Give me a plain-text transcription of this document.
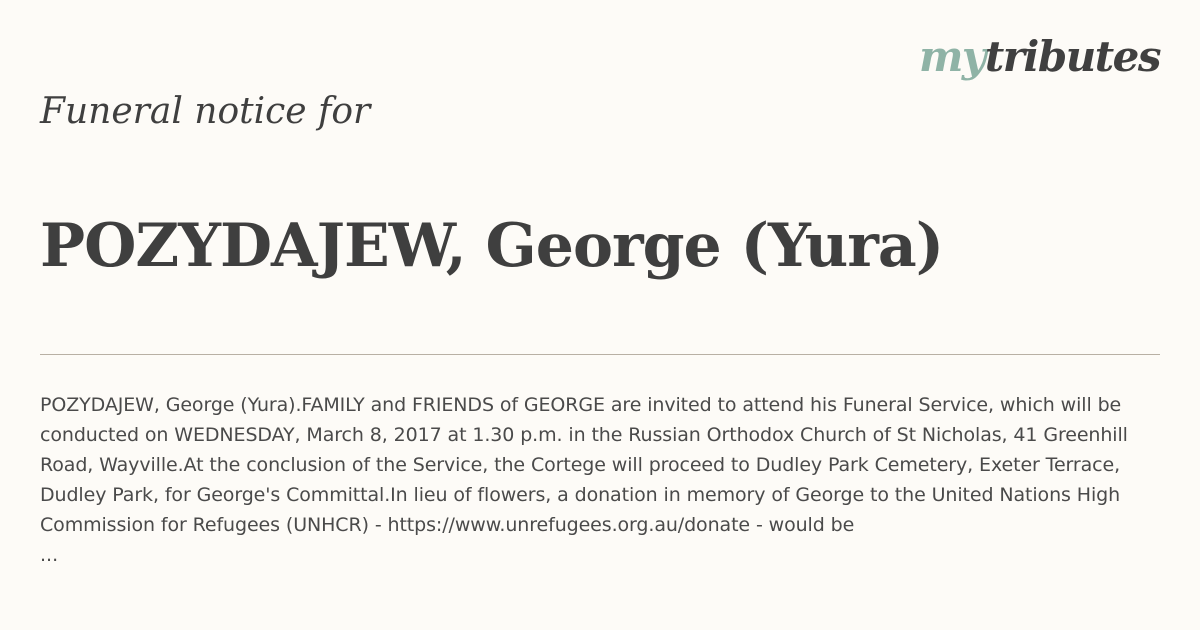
mytributes
Funeral notice for
POZYDAJEW, George (Yura)

POZYDAJEW, George (Yura).FAMILY and FRIENDS of GEORGE are invited to attend his Funeral Service, which will be conducted on WEDNESDAY, March 8, 2017 at 1.30 p.m. in the Russian Orthodox Church of St Nicholas, 41 Greenhill Road, Wayville.At the conclusion of the Service, the Cortege will proceed to Dudley Park Cemetery, Exeter Terrace, Dudley Park, for George's Committal.In lieu of flowers, a donation in memory of George to the United Nations High Commission for Refugees (UNHCR) - https://www.unrefugees.org.au/donate - would be

...
